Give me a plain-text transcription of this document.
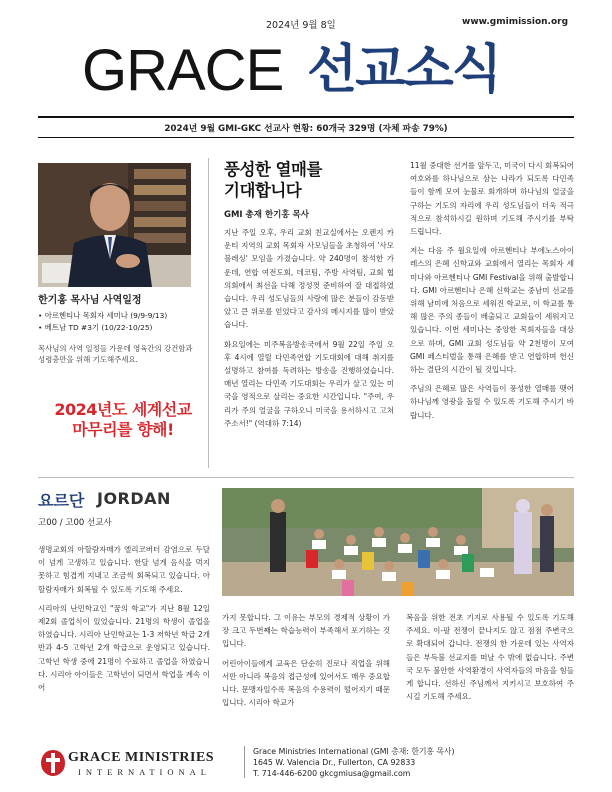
2024년 9월 8일	www.gmimission.org
GRACE 선교소식
2024년 9월 GMI-GKC 선교사 현황: 60개국 329명 (자체 파송 79%)
한기홍 목사님 사역일정
• 아르헨티나 목회자 세미나 (9/9-9/13)
• 베트남 TD #3기 (10/22-10/25)
목사님의 사역 일정들 가운데 영육간의 강건함과 성령충만을 위해 기도해주세요.
2024년도 세계선교
마무리를 향해!
풍성한 열매를
기대합니다
GMI 총재 한기홍 목사

지난 주일 오후, 우리 교회 친교실에서는 오렌지 카운티 지역의 교회 목회자 사모님들을 초청하여 '사모 블레싱' 모임을 가졌습니다. 약 240명이 참석한 가운데, 연합 여전도회, 데코팀, 주방 사역팀, 교회 협의회에서 최선을 다해 정성껏 준비하여 잘 대접하였습니다. 우리 성도님들의 사랑에 많은 분들이 감동받았고 큰 위로를 얻었다고 감사의 메시지를 많이 받았습니다.

화요일에는 미주복음방송국에서 9월 22일 주일 오후 4시에 열릴 다민족연합 기도대회에 대해 취지를 설명하고 참여를 독려하는 방송을 진행하였습니다. 매년 열리는 다민족 기도대회는 우리가 살고 있는 미국을 영적으로 살리는 중요한 시간입니다. "주여, 우리가 주의 얼굴을 구하오니 미국을 용서하시고 고쳐 주소서!" (역대하 7:14)

11월 중대한 선거를 앞두고, 미국이 다시 회복되어 여호와를 하나님으로 삼는 나라가 되도록 다민족들이 함께 모여 눈물로 회개하며 하나님의 얼굴을 구하는 기도의 자리에 우리 성도님들이 더욱 적극적으로 참석하시길 원하며 기도해 주시기를 부탁드립니다.

저는 다음 주 월요일에 아르헨티나 부에노스아이레스의 은혜 신학교와 교회에서 열리는 목회자 세미나와 아르헨티나 GMI Festival을 위해 출발합니다. GMI 아르헨티나 은혜 신학교는 중남미 선교를 위해 남미에 처음으로 세워진 학교로, 이 학교를 통해 많은 주의 종들이 배출되고 교회들이 세워지고 있습니다. 이번 세미나는 중앙한 목회자들을 대상으로 하며, GMI 교회 성도님들 약 2천명이 모여 GMI 페스티벌을 통해 은혜를 받고 연합하며 헌신하는 결단의 시간이 될 것입니다.

주님의 은혜로 많은 사역들이 풍성한 열매를 맺어 하나님께 영광을 돌릴 수 있도록 기도해 주시기 바랍니다.

요르단 JORDAN
고00 / 고00 선교사

생명교회의 아할람자매가 엘리코버터 감염으로 두달이 넘게 고생하고 있습니다. 한달 넘게 음식을 먹지 못하고 힘겹게 지내고 조금씩 회복되고 있습니다. 아할람자매가 회복될 수 있도록 기도해 주세요.

시리아의 난민학교인 "꿈의 학교"가 지난 8월 12일 제2회 졸업식이 있었습니다. 21명의 학생이 졸업을 하였습니다. 시리아 난민학교는 1-3 저학년 학급 2개반과 4-5 고학년 2개 학급으로 운영되고 있습니다. 고학년 학생 중에 21명이 수료하고 졸업을 하였습니다. 시리아 아이들은 고학년이 되면서 학업을 계속 이어

가지 못합니다. 그 이유는 부모의 경제적 상황이 가장 크고 두번째는 학습능력이 부족해서 포기하는 것입니다.

어린아이들에게 교육은 단순히 진로나 직업을 위해서만 아니라 복음의 접근성에 있어서도 매우 중요합니다. 문맹자일수록 복음의 수용력이 떨어지기 때문입니다. 시리아 학교가

복음을 위한 전초 기지로 사용될 수 있도록 기도해 주세요. 이-팔 전쟁이 끝나지도 않고 점점 주변국으로 확대되어 갑니다. 전쟁의 한 가운데 있는 사역자들은 부득불 선교지를 떠날 수 밖에 없습니다. 주변국 모두 불안한 사역환경이 사역자들의 마음을 힘들게 합니다. 선하신 주님께서 지키시고 보호하여 주시길 기도해 주세요.

GRACE MINISTRIES
INTERNATIONAL
Grace Ministries International (GMI 총재: 한기홍 목사)
1645 W. Valencia Dr., Fullerton, CA 92833
T. 714-446-6200 gkcgmiusa@gmail.com
